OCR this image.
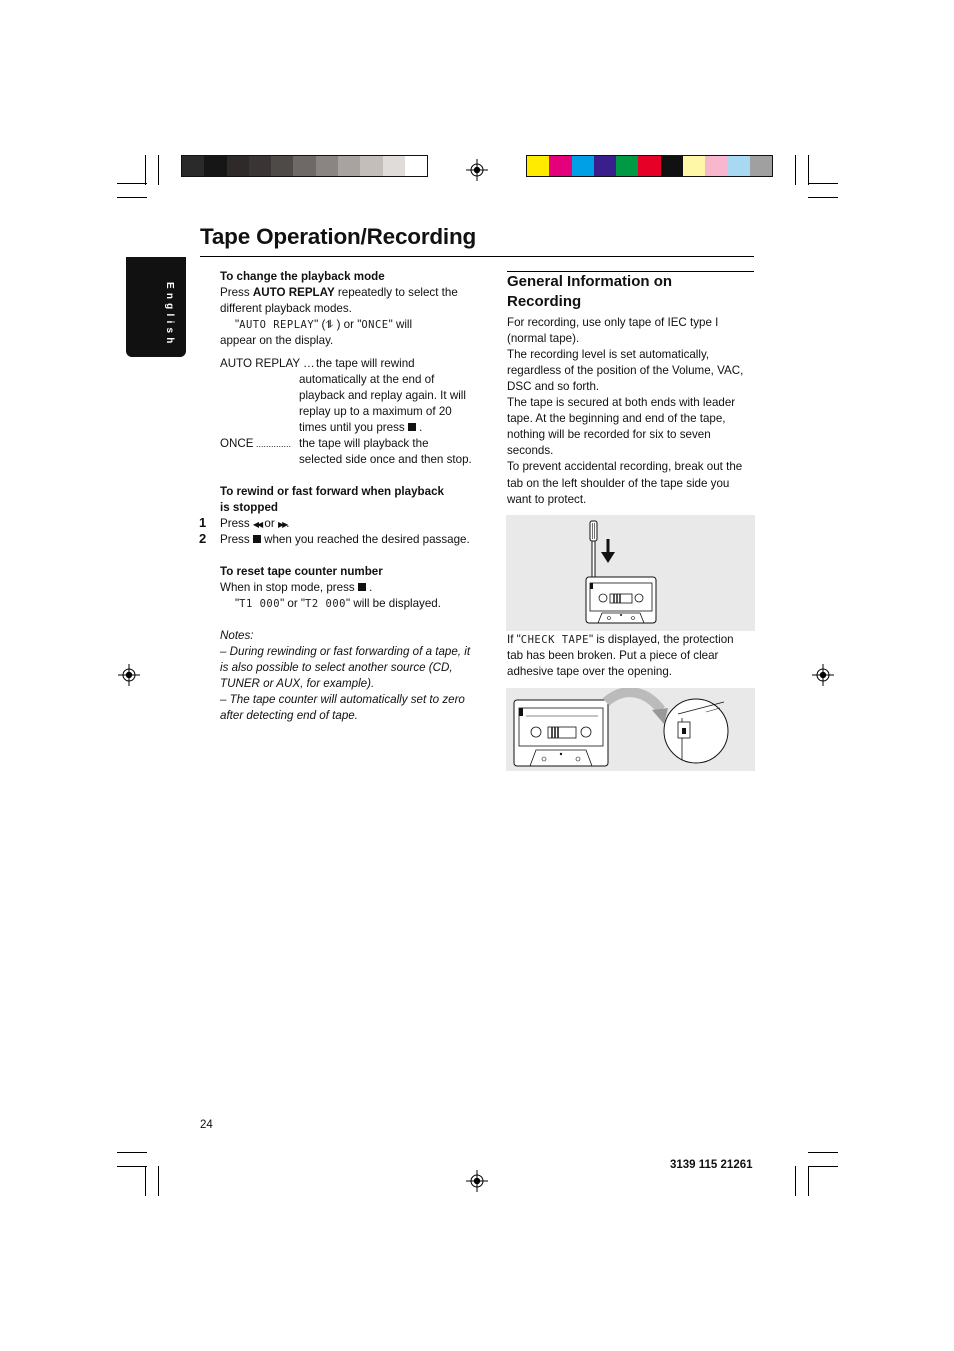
Tape Operation/Recording
English
To change the playback mode
Press AUTO REPLAY repeatedly to select the
different playback modes.
"AUTO REPLAY" (⥮ ) or "ONCE" will
appear on the display.
AUTO REPLAY … the tape will rewind
automatically at the end of
playback and replay again. It will
replay up to a maximum of 20
times until you press  .
ONCE .............. the tape will playback the
selected side once and then stop.
To rewind or fast forward when playback
is stopped
1 Press ◀◀ or ▶▶.
2 Press  when you reached the desired passage.
To reset tape counter number
When in stop mode, press  .
"T1 000" or "T2 000" will be displayed.
Notes:
– During rewinding or fast forwarding of a tape, it
is also possible to select another source (CD,
TUNER or AUX, for example).
– The tape counter will automatically set to zero
after detecting end of tape.
General Information on
Recording
For recording, use only tape of IEC type I
(normal tape).
The recording level is set automatically,
regardless of the position of the Volume, VAC,
DSC and so forth.
The tape is secured at both ends with leader
tape. At the beginning and end of the tape,
nothing will be recorded for six to seven
seconds.
To prevent accidental recording, break out the
tab on the left shoulder of the tape side you
want to protect.
If "CHECK TAPE" is displayed, the protection
tab has been broken. Put a piece of clear
adhesive tape over the opening.
24
3139 115 21261
